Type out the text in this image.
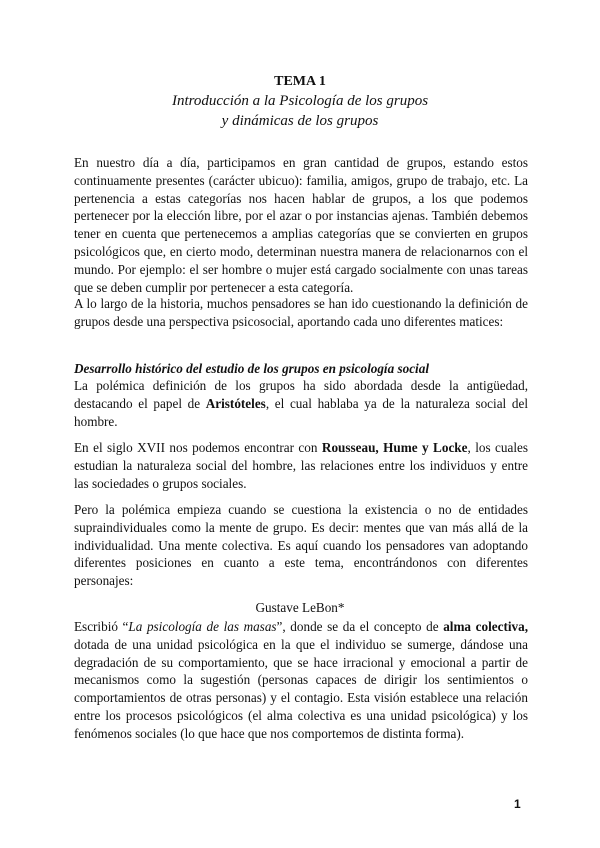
TEMA 1
Introducción a la Psicología de los grupos
y dinámicas de los grupos
En nuestro día a día, participamos en gran cantidad de grupos, estando estos continuamente presentes (carácter ubicuo): familia, amigos, grupo de trabajo, etc. La pertenencia a estas categorías nos hacen hablar de grupos, a los que podemos pertenecer por la elección libre, por el azar o por instancias ajenas. También debemos tener en cuenta que pertenecemos a amplias categorías que se convierten en grupos psicológicos que, en cierto modo, determinan nuestra manera de relacionarnos con el mundo. Por ejemplo: el ser hombre o mujer está cargado socialmente con unas tareas que se deben cumplir por pertenecer a esta categoría.
A lo largo de la historia, muchos pensadores se han ido cuestionando la definición de grupos desde una perspectiva psicosocial, aportando cada uno diferentes matices:
Desarrollo histórico del estudio de los grupos en psicología social
La polémica definición de los grupos ha sido abordada desde la antigüedad, destacando el papel de Aristóteles, el cual hablaba ya de la naturaleza social del hombre.
En el siglo XVII nos podemos encontrar con Rousseau, Hume y Locke, los cuales estudian la naturaleza social del hombre, las relaciones entre los individuos y entre las sociedades o grupos sociales.
Pero la polémica empieza cuando se cuestiona la existencia o no de entidades supraindividuales como la mente de grupo. Es decir: mentes que van más allá de la individualidad. Una mente colectiva. Es aquí cuando los pensadores van adoptando diferentes posiciones en cuanto a este tema, encontrándonos con diferentes personajes:
Gustave LeBon*
Escribió “La psicología de las masas”, donde se da el concepto de alma colectiva, dotada de una unidad psicológica en la que el individuo se sumerge, dándose una degradación de su comportamiento, que se hace irracional y emocional a partir de mecanismos como la sugestión (personas capaces de dirigir los sentimientos o comportamientos de otras personas) y el contagio. Esta visión establece una relación entre los procesos psicológicos (el alma colectiva es una unidad psicológica) y los fenómenos sociales (lo que hace que nos comportemos de distinta forma).
1
